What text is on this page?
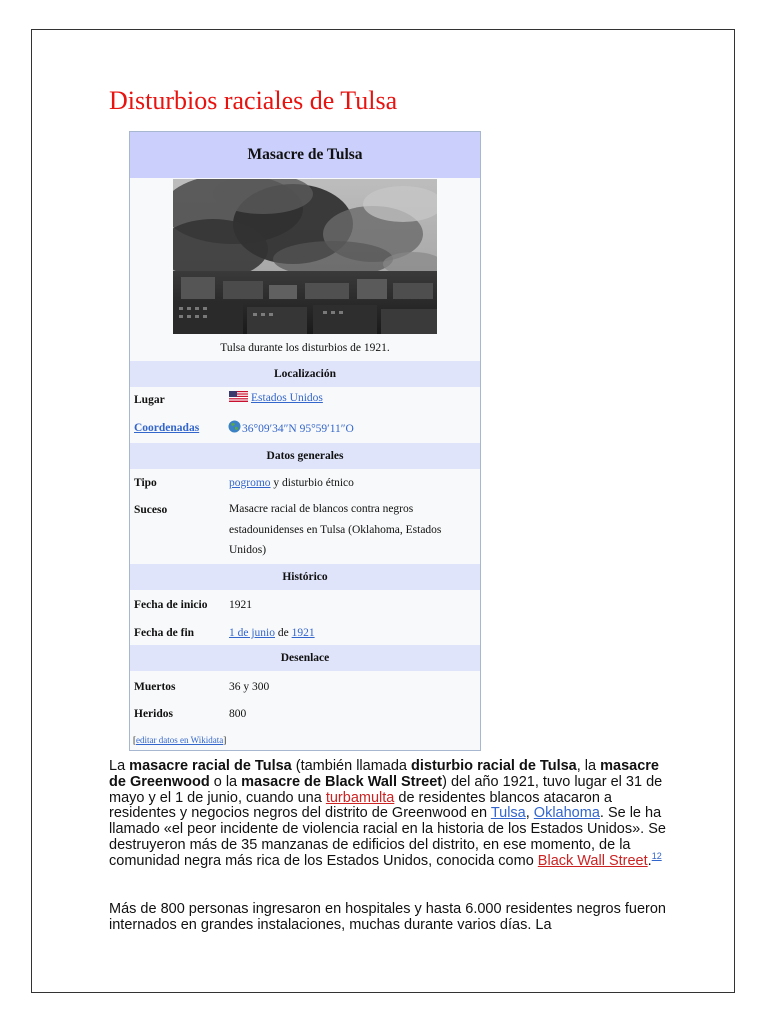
Disturbios raciales de Tulsa
Masacre de Tulsa
Tulsa durante los disturbios de 1921.
Localización
Lugar	Estados Unidos
Coordenadas	36°09′34″N 95°59′11″O
Datos generales
Tipo	pogromo y disturbio étnico
Suceso	Masacre racial de blancos contra negros estadounidenses en Tulsa (Oklahoma, Estados Unidos)
Histórico
Fecha de inicio 1921
Fecha de fin	1 de junio de 1921
Desenlace
Muertos	36 y 300
Heridos	800
[editar datos en Wikidata]

La masacre racial de Tulsa (también llamada disturbio racial de Tulsa, la masacre de Greenwood o la masacre de Black Wall Street) del año 1921, tuvo lugar el 31 de mayo y el 1 de junio, cuando una turbamulta de residentes blancos atacaron a residentes y negocios negros del distrito de Greenwood en Tulsa, Oklahoma. Se le ha llamado «el peor incidente de violencia racial en la historia de los Estados Unidos». Se destruyeron más de 35 manzanas de edificios del distrito, en ese momento, de la comunidad negra más rica de los Estados Unidos, conocida como Black Wall Street.$^{12}$

Más de 800 personas ingresaron en hospitales y hasta 6.000 residentes negros fueron internados en grandes instalaciones, muchas durante varios días. La
